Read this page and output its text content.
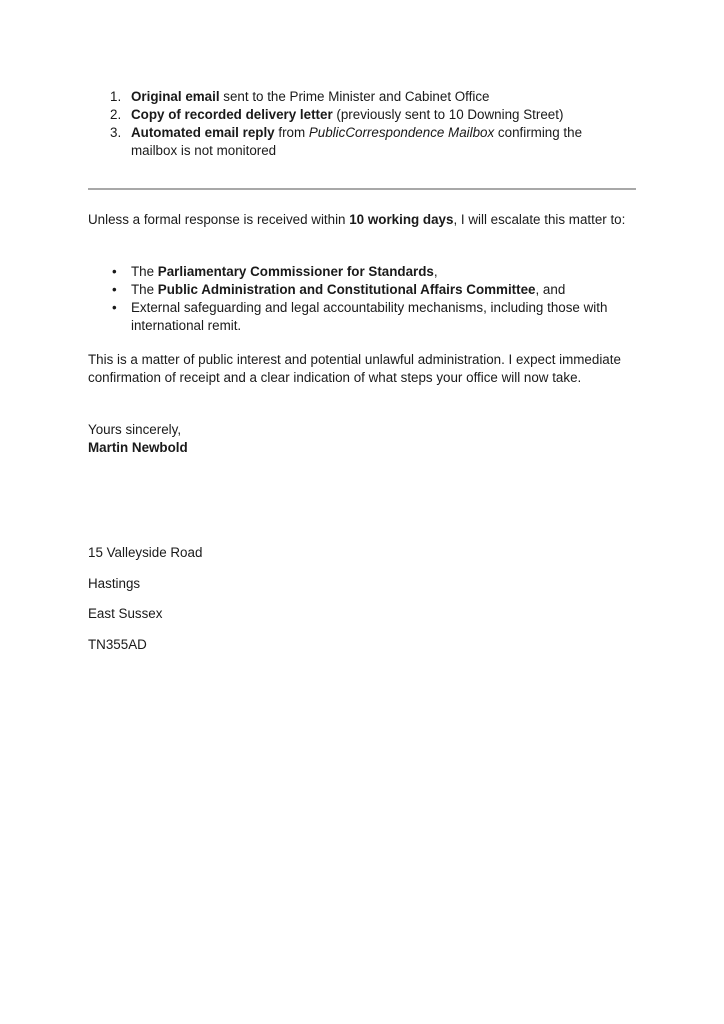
1. Original email sent to the Prime Minister and Cabinet Office
2. Copy of recorded delivery letter (previously sent to 10 Downing Street)
3. Automated email reply from PublicCorrespondence Mailbox confirming the mailbox is not monitored

Unless a formal response is received within 10 working days, I will escalate this matter to:

• The Parliamentary Commissioner for Standards,
• The Public Administration and Constitutional Affairs Committee, and
• External safeguarding and legal accountability mechanisms, including those with international remit.

This is a matter of public interest and potential unlawful administration. I expect immediate confirmation of receipt and a clear indication of what steps your office will now take.

Yours sincerely,

Martin Newbold

15 Valleyside Road

Hastings

East Sussex

TN355AD
